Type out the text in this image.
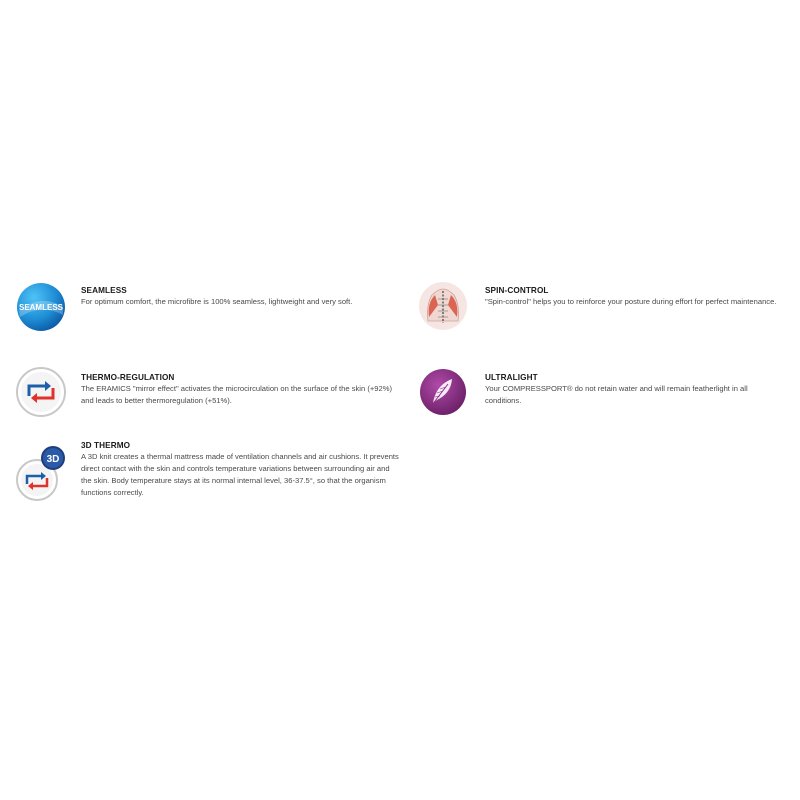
SEAMLESS

SEAMLESS

For optimum comfort, the microfibre is 100% seamless, lightweight and very soft.

SPIN-CONTROL

"Spin-control" helps you to reinforce your posture during effort for perfect maintenance.

THERMO-REGULATION

The ERAMICS "mirror effect" activates the microcirculation on the surface of the skin (+92%) and leads to better thermoregulation (+51%).

ULTRALIGHT

Your COMPRESSPORT® do not retain water and will remain featherlight in all conditions.

3D

3D THERMO

A 3D knit creates a thermal mattress made of ventilation channels and air cushions. It prevents direct contact with the skin and controls temperature variations between surrounding air and the skin. Body temperature stays at its normal internal level, 36-37.5°, so that the organism functions correctly.
